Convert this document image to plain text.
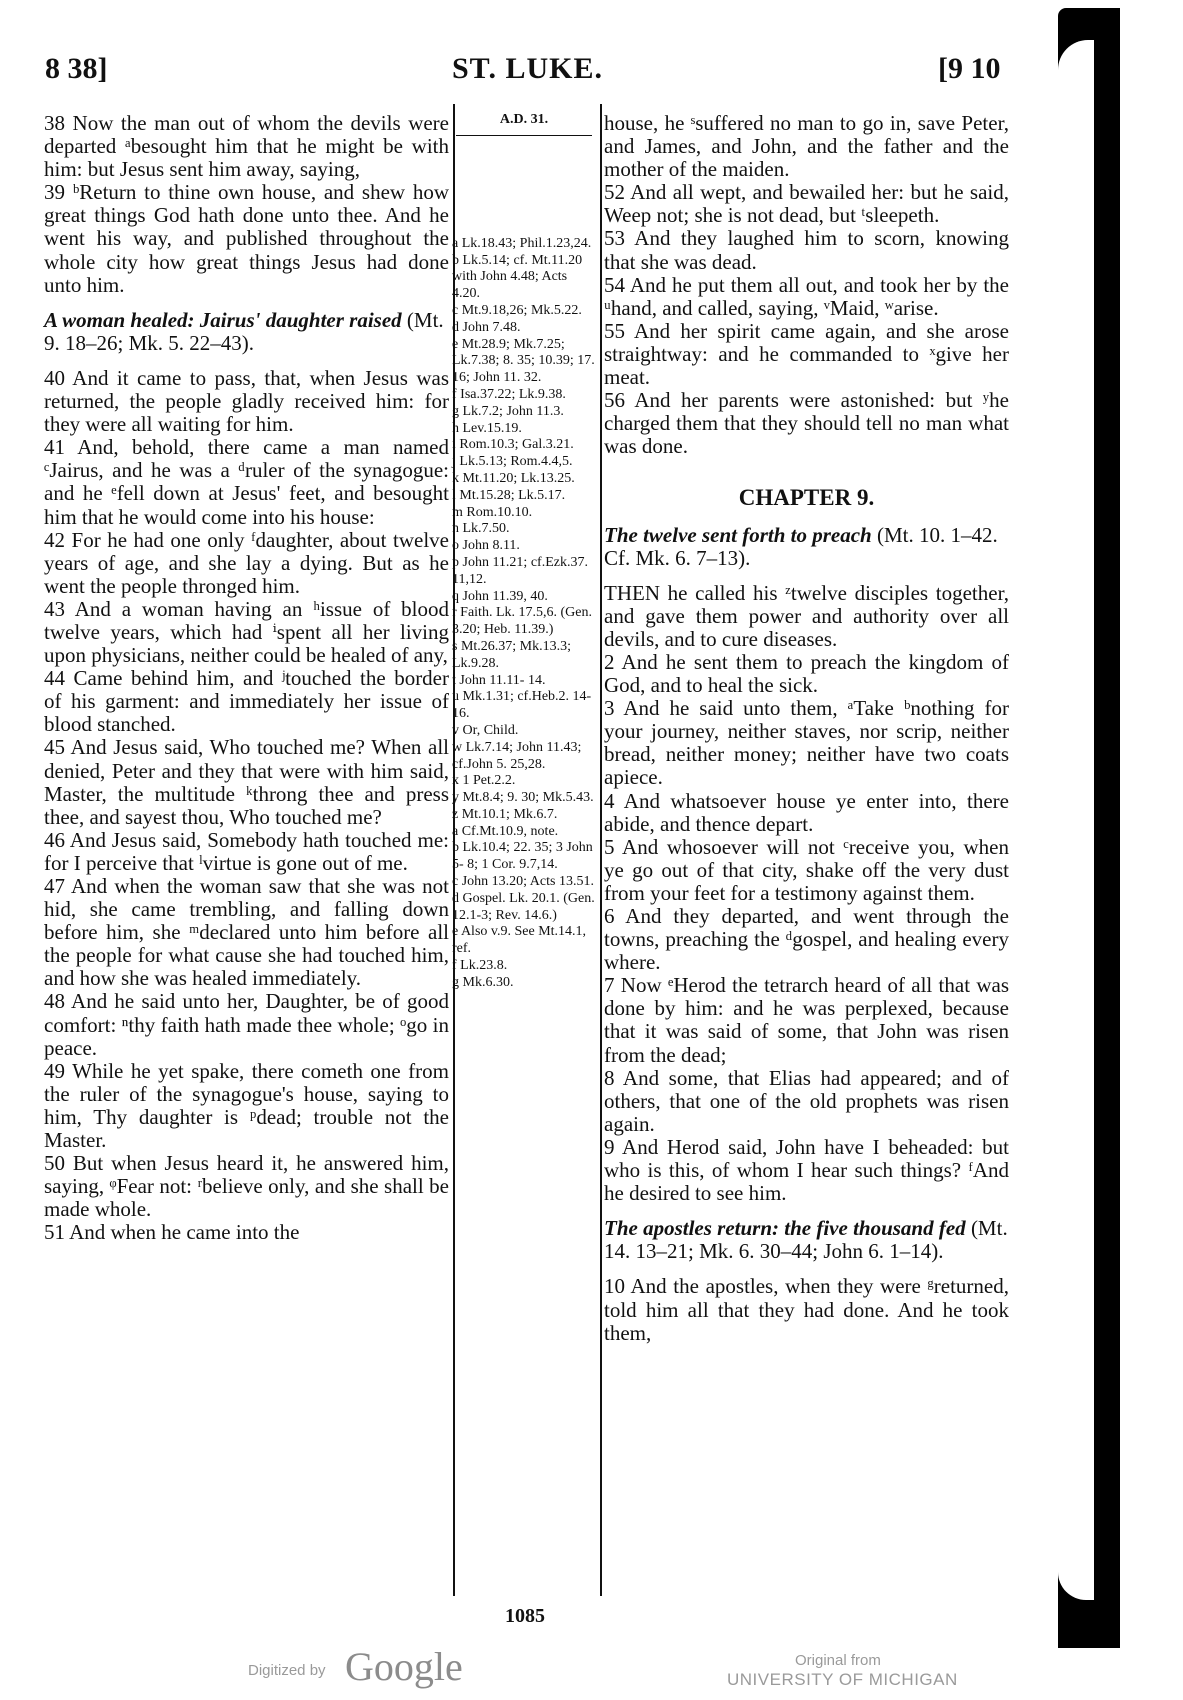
8 38]	ST. LUKE.	[9 10
38 Now the man out of whom the devils were departed ᵃbesought him that he might be with him: but Jesus sent him away, saying,
39 ᵇReturn to thine own house, and shew how great things God hath done unto thee. And he went his way, and published throughout the whole city how great things Jesus had done unto him.
A woman healed: Jairus' daughter raised (Mt. 9. 18–26; Mk. 5. 22–43).
40 And it came to pass, that, when Jesus was returned, the people gladly received him: for they were all waiting for him.
41 And, behold, there came a man named ᶜJairus, and he was a ᵈruler of the synagogue: and he ᵉfell down at Jesus' feet, and besought him that he would come into his house:
42 For he had one only ᶠdaughter, about twelve years of age, and she lay a dying. But as he went the people thronged him.
43 And a woman having an ʰissue of blood twelve years, which had ⁱspent all her living upon physicians, neither could be healed of any,
44 Came behind him, and ʲtouched the border of his garment: and immediately her issue of blood stanched.
45 And Jesus said, Who touched me? When all denied, Peter and they that were with him said, Master, the multitude ᵏthrong thee and press thee, and sayest thou, Who touched me?
46 And Jesus said, Somebody hath touched me: for I perceive that ˡvirtue is gone out of me.
47 And when the woman saw that she was not hid, she came trembling, and falling down before him, she ᵐdeclared unto him before all the people for what cause she had touched him, and how she was healed immediately.
48 And he said unto her, Daughter, be of good comfort: ⁿthy faith hath made thee whole; ᵒgo in peace.
49 While he yet spake, there cometh one from the ruler of the synagogue's house, saying to him, Thy daughter is ᵖdead; trouble not the Master.
50 But when Jesus heard it, he answered him, saying, ᵠFear not: ʳbelieve only, and she shall be made whole.
51 And when he came into the
A.D. 31.
a Lk.18.43; Phil.1.23,24.
b Lk.5.14; cf. Mt.11.20 with John 4.48; Acts 4.20.
c Mt.9.18,26; Mk.5.22.
d John 7.48.
e Mt.28.9; Mk.7.25; Lk.7.38; 8. 35; 10.39; 17. 16; John 11. 32.
f Isa.37.22; Lk.9.38.
g Lk.7.2; John 11.3.
h Lev.15.19.
i Rom.10.3; Gal.3.21.
j Lk.5.13; Rom.4.4,5.
k Mt.11.20; Lk.13.25.
l Mt.15.28; Lk.5.17.
m Rom.10.10.
n Lk.7.50.
o John 8.11.
p John 11.21; cf.Ezk.37. 11,12.
q John 11.39, 40.
r Faith. Lk. 17.5,6. (Gen. 3.20; Heb. 11.39.)
s Mt.26.37; Mk.13.3; Lk.9.28.
t John 11.11- 14.
u Mk.1.31; cf.Heb.2. 14-16.
v Or, Child.
w Lk.7.14; John 11.43; cf.John 5. 25,28.
x 1 Pet.2.2.
y Mt.8.4; 9. 30; Mk.5.43.
z Mt.10.1; Mk.6.7.
a Cf.Mt.10.9, note.
b Lk.10.4; 22. 35; 3 John 5- 8; 1 Cor. 9.7,14.
c John 13.20; Acts 13.51.
d Gospel. Lk. 20.1. (Gen. 12.1-3; Rev. 14.6.)
e Also v.9. See Mt.14.1, ref.
f Lk.23.8.
g Mk.6.30.
house, he ˢsuffered no man to go in, save Peter, and James, and John, and the father and the mother of the maiden.
52 And all wept, and bewailed her: but he said, Weep not; she is not dead, but ᵗsleepeth.
53 And they laughed him to scorn, knowing that she was dead.
54 And he put them all out, and took her by the ᵘhand, and called, saying, ᵛMaid, ʷarise.
55 And her spirit came again, and she arose straightway: and he commanded to ˣgive her meat.
56 And her parents were astonished: but ʸhe charged them that they should tell no man what was done.
CHAPTER 9.
The twelve sent forth to preach (Mt. 10. 1–42. Cf. Mk. 6. 7–13).
THEN he called his ᶻtwelve disciples together, and gave them power and authority over all devils, and to cure diseases.
2 And he sent them to preach the kingdom of God, and to heal the sick.
3 And he said unto them, ᵃTake ᵇnothing for your journey, neither staves, nor scrip, neither bread, neither money; neither have two coats apiece.
4 And whatsoever house ye enter into, there abide, and thence depart.
5 And whosoever will not ᶜreceive you, when ye go out of that city, shake off the very dust from your feet for a testimony against them.
6 And they departed, and went through the towns, preaching the ᵈgospel, and healing every where.
7 Now ᵉHerod the tetrarch heard of all that was done by him: and he was perplexed, because that it was said of some, that John was risen from the dead;
8 And some, that Elias had appeared; and of others, that one of the old prophets was risen again.
9 And Herod said, John have I beheaded: but who is this, of whom I hear such things? ᶠAnd he desired to see him.
The apostles return: the five thousand fed (Mt. 14. 13–21; Mk. 6. 30–44; John 6. 1–14).
10 And the apostles, when they were ᵍreturned, told him all that they had done. And he took them,
1085
Digitized by Google	Original from
UNIVERSITY OF MICHIGAN
